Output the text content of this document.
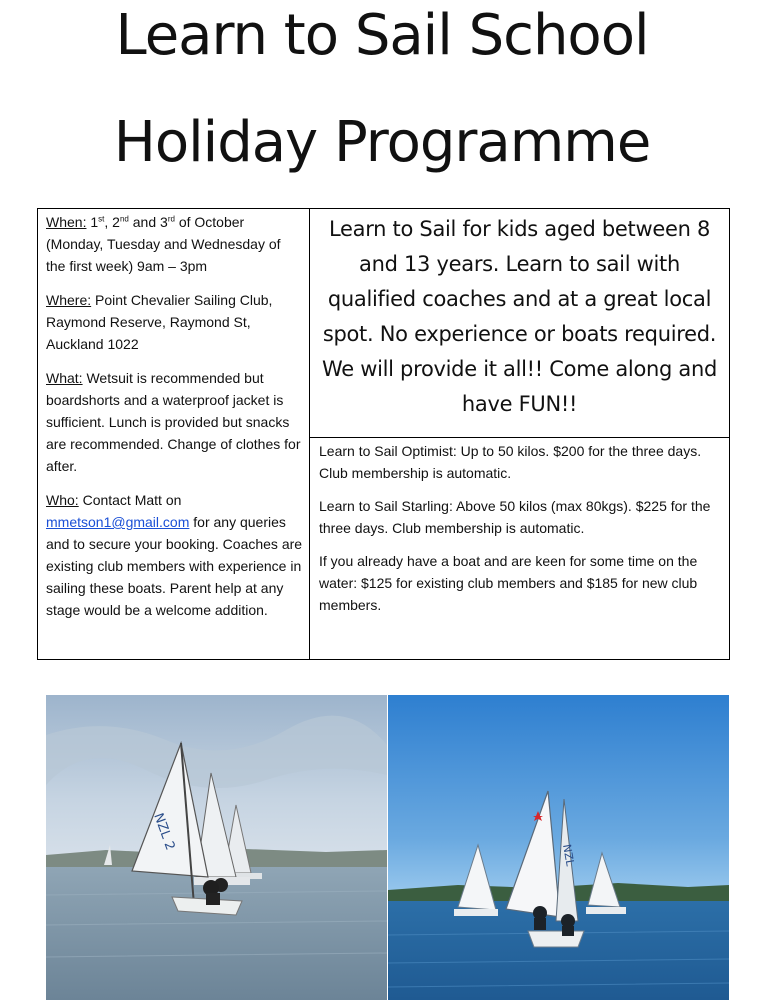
Learn to Sail School
Holiday Programme

When: 1st, 2nd and 3rd of October (Monday, Tuesday and Wednesday of the first week) 9am – 3pm

Where: Point Chevalier Sailing Club, Raymond Reserve, Raymond St, Auckland 1022

What: Wetsuit is recommended but boardshorts and a waterproof jacket is sufficient. Lunch is provided but snacks are recommended. Change of clothes for after.

Who: Contact Matt on mmetson1@gmail.com for any queries and to secure your booking. Coaches are existing club members with experience in sailing these boats. Parent help at any stage would be a welcome addition.

Learn to Sail for kids aged between 8 and 13 years. Learn to sail with qualified coaches and at a great local spot. No experience or boats required. We will provide it all!! Come along and have FUN!!

Learn to Sail Optimist: Up to 50 kilos. $200 for the three days. Club membership is automatic.

Learn to Sail Starling: Above 50 kilos (max 80kgs). $225 for the three days. Club membership is automatic.

If you already have a boat and are keen for some time on the water: $125 for existing club members and $185 for new club members.

NZL 2
NZL
